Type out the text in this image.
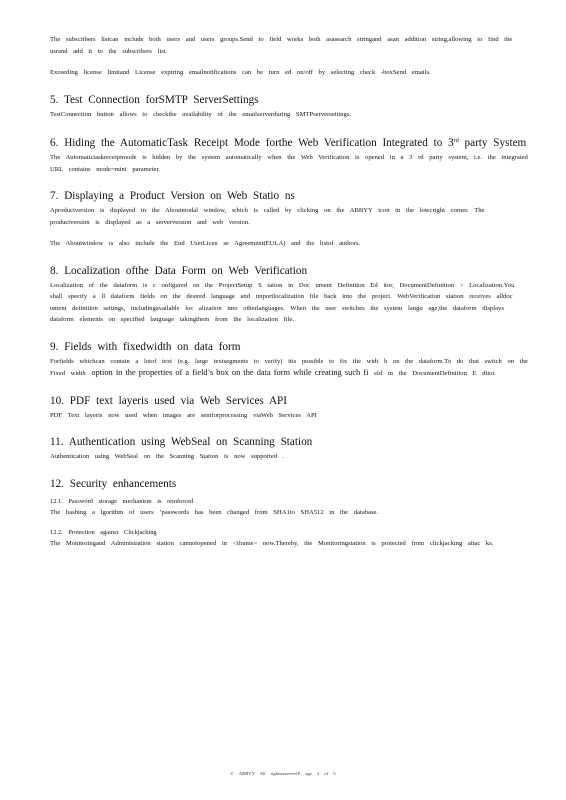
The subscribers listcan include both users and users groups.Send to field works both asasearch stringand asan addition string,allowing to find the usrand add it to the subscribers list.

Exceeding license limitand License expiring emailnotifications can be turn ed on/off by selecting check -boxSend emails.

5. Test Connection forSMTP ServerSettings

TestConnection button allows to checkthe availability of the emailserverduring SMTPserversettings.

6. Hiding the AutomaticTask Receipt Mode forthe Web Verification Integrated to 3rd party System

The Automatictaskreceiptmode is hidden by the system automatically when the Web Verification is opened in a 3 rd party system, i.e. the integrated URL contains mode=mini parameter.

7. Displaying a Product Version on Web Statio ns

Aproductversion is displayed in the Aboutmodal window, which is called by clicking on the ABBYY icon in the lowcright corner. The productversion is displayed as a serverversion and web version.

The Aboutwindow is also include the End UserLicen se Agreement(EULA) and the listof authors.

8. Localization ofthe Data Form on Web Verification

Localization of the dataform is c onfigured on the ProjectSetup S tation in Doc ument Definition Ed itor, DocumentDefinition > Localization.You shall specify a ll dataform fields on the desired language and importlocalization file back into the project. WebVerification station receives alldoc ument definition settings, includingavailable loc alization into otherlanguages. When the user switches the system langu age,the dataform displays dataform elements on specified language takingthem from the localization file.

9. Fields with fixedwidth on data form

Forfields whichcan contain a lotof text (e.g. large textsegments to verify) itis possible to fix the widt h on the dataform.To do that switch on the Fixed width option in the properties of a field’s box on the data form while creating such fi eld in the DocumentDefinition E ditor.

10. PDF text layeris used via Web Services API

PDF Text layeris now used when images are sentforprocessing viaWeb Services API

11. Authentication using WebSeal on Scanning Station

Authentication using WebSeal on the Scanning Station is now supported .

12. Security enhancements

12.1. Password storage mechanism is reinforced

The hashing a lgorithm of users ’passwords has been changed from SHA1to SHA512 in the database.

12.2. Protection against Clickjacking

The Monitoringand Administration station cannotopened in <iframe> now.Thereby, the Monitoringstation is protected from clickjacking attac ks.

© ABBYY All rightsreserved.P age 4 of 5
